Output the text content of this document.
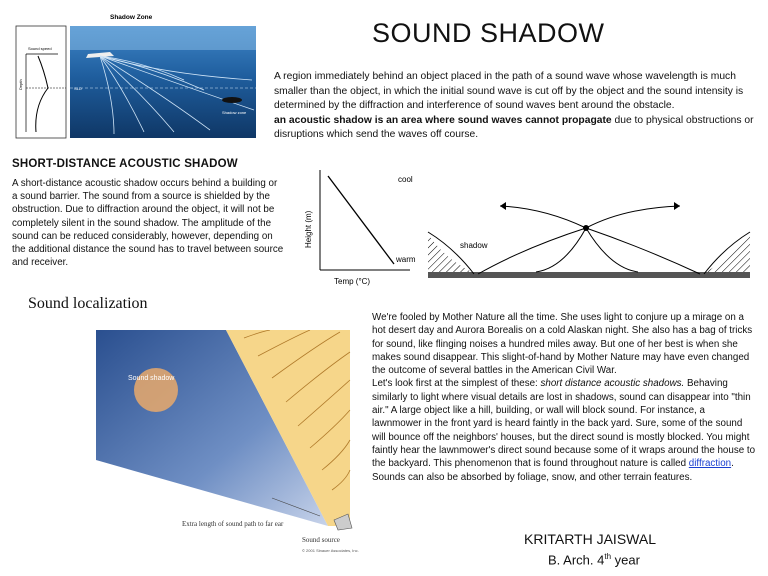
SOUND SHADOW
A region immediately behind an object placed in the path of a sound wave whose wavelength is much smaller than the object, in which the initial sound wave is cut off by the object and the sound intensity is determined by the diffraction and interference of sound waves bent around the obstacle.
an acoustic shadow is an area where sound waves cannot propagate due to physical obstructions or disruptions which send the waves off course.
Shadow Zone
Sound speed
Depth	SLD
Shadow zone
SHORT-DISTANCE ACOUSTIC SHADOW
A short-distance acoustic shadow occurs behind a building or a sound barrier. The sound from a source is shielded by the obstruction. Due to diffraction around the object, it will not be completely silent in the sound shadow. The amplitude of the sound can be reduced considerably, however, depending on the additional distance the sound has to travel between source and receiver.
Height (m)
Temp (°C)
cool
warm
shadow
Sound localization
Sound shadow
Extra length of sound path to far ear
Sound source
© 2001 Sinauer Associates, Inc.
We're fooled by Mother Nature all the time. She uses light to conjure up a mirage on a hot desert day and Aurora Borealis on a cold Alaskan night. She also has a bag of tricks for sound, like flinging noises a hundred miles away. But one of her best is when she makes sound disappear. This slight-of-hand by Mother Nature may have even changed the outcome of several battles in the American Civil War.
Let's look first at the simplest of these: short distance acoustic shadows. Behaving similarly to light where visual details are lost in shadows, sound can disappear into "thin air." A large object like a hill, building, or wall will block sound. For instance, a lawnmower in the front yard is heard faintly in the back yard. Sure, some of the sound will bounce off the neighbors' houses, but the direct sound is mostly blocked. You might faintly hear the lawnmower's direct sound because some of it wraps around the house to the backyard. This phenomenon that is found throughout nature is called diffraction. Sounds can also be absorbed by foliage, snow, and other terrain features.
KRITARTH JAISWAL
B. Arch. 4th year
